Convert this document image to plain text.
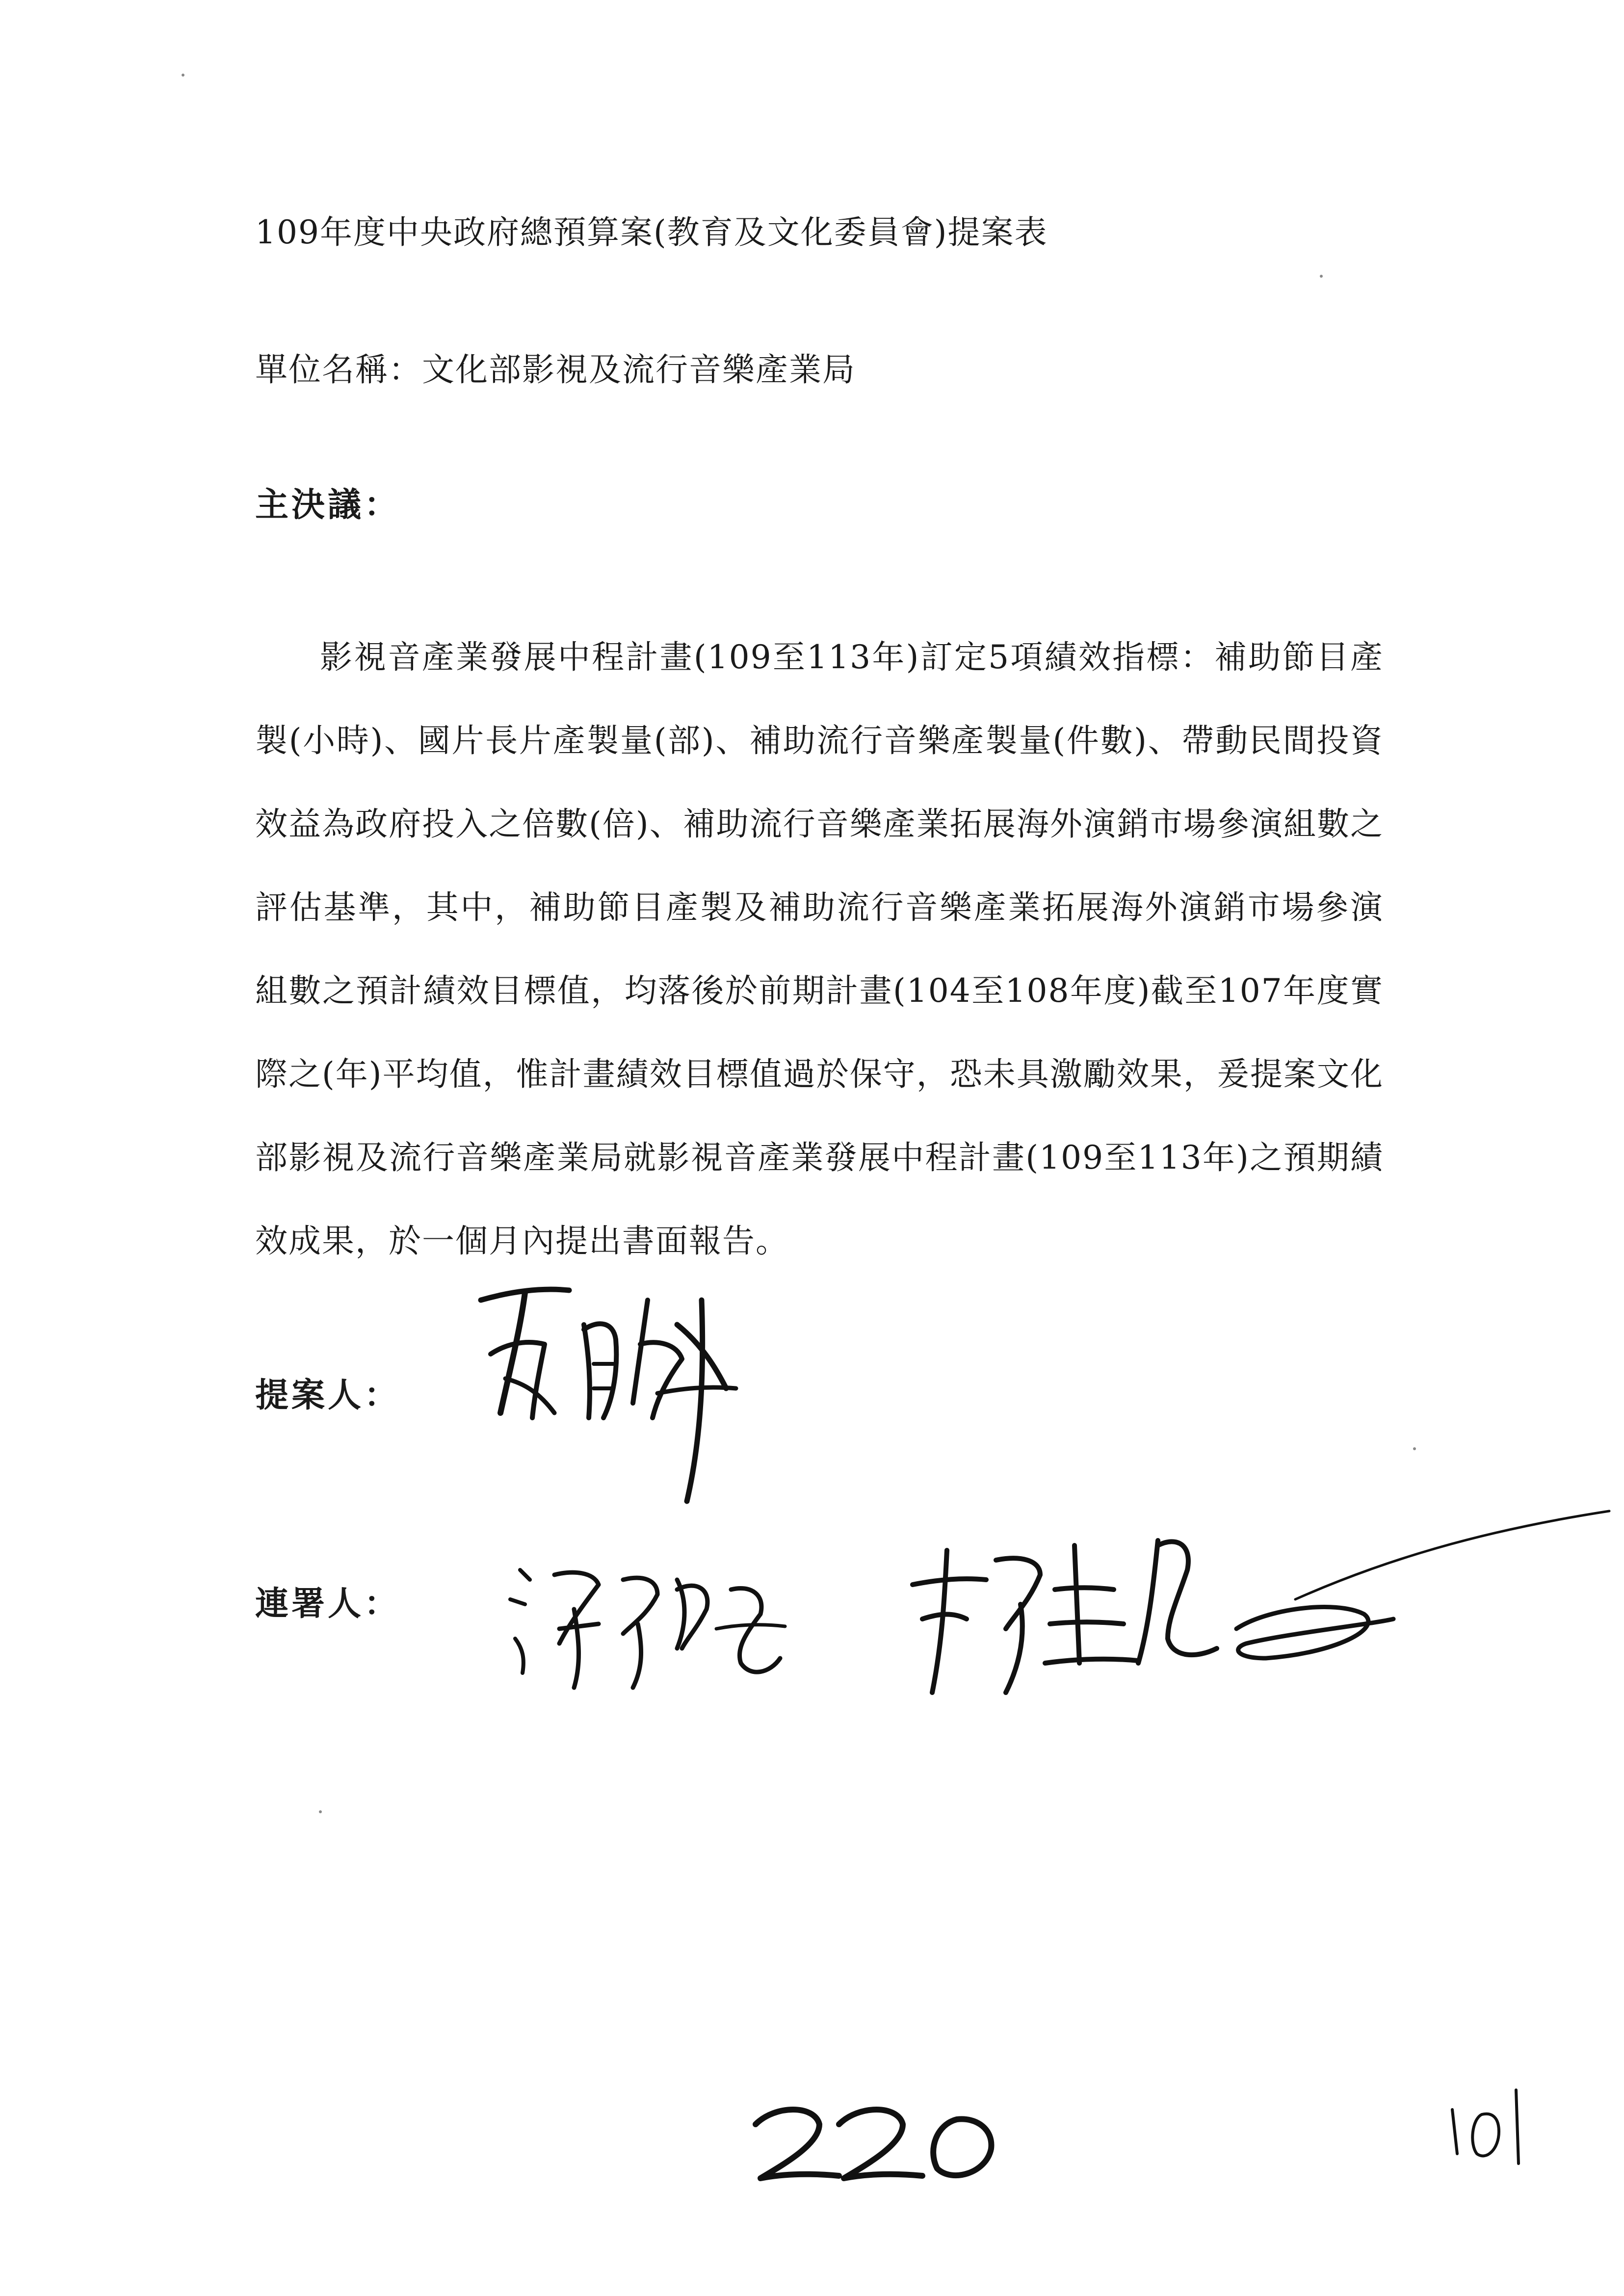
109年度中央政府總預算案(教育及文化委員會)提案表
單位名稱：文化部影視及流行音樂產業局
主決議：
影視音產業發展中程計畫(109至113年)訂定5項績效指標：補助節目產製(小時)、國片長片產製量(部)、補助流行音樂產製量(件數)、帶動民間投資效益為政府投入之倍數(倍)、補助流行音樂產業拓展海外演銷市場參演組數之評估基準，其中，補助節目產製及補助流行音樂產業拓展海外演銷市場參演組數之預計績效目標值，均落後於前期計畫(104至108年度)截至107年度實際之(年)平均值，惟計畫績效目標值過於保守，恐未具激勵效果，爰提案文化部影視及流行音樂產業局就影視音產業發展中程計畫(109至113年)之預期績效成果，於一個月內提出書面報告。
提案人：
連署人：
